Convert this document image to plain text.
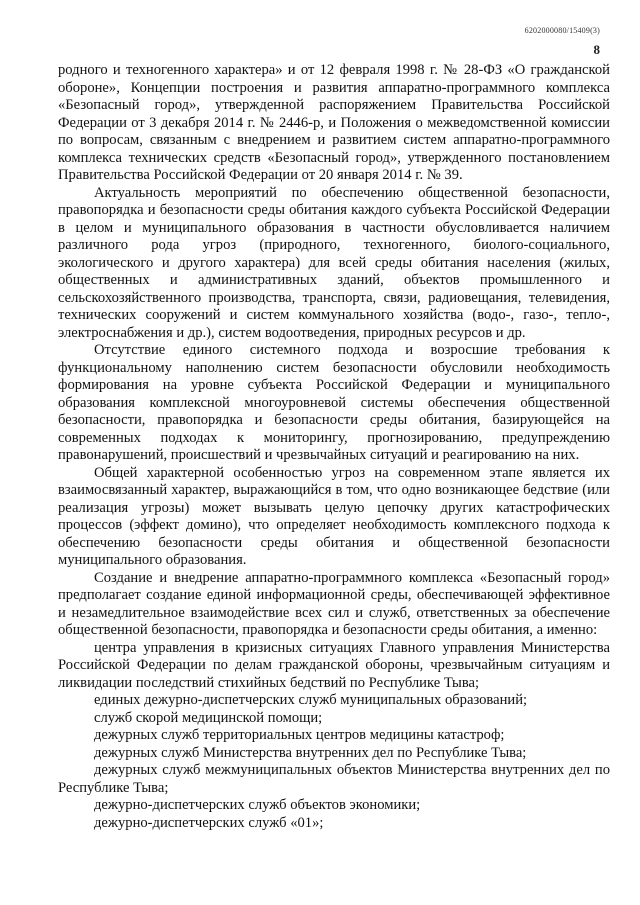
6202000080/15409(3)
8

родного и техногенного характера» и от 12 февраля 1998 г. № 28-ФЗ «О гражданской обороне», Концепции построения и развития аппаратно-программного комплекса «Безопасный город», утвержденной распоряжением Правительства Российской Федерации от 3 декабря 2014 г. № 2446-р, и Положения о межведомственной комиссии по вопросам, связанным с внедрением и развитием систем аппаратно-программного комплекса технических средств «Безопасный город», утвержденного постановлением Правительства Российской Федерации от 20 января 2014 г. № 39.

Актуальность мероприятий по обеспечению общественной безопасности, правопорядка и безопасности среды обитания каждого субъекта Российской Федерации в целом и муниципального образования в частности обусловливается наличием различного рода угроз (природного, техногенного, биолого-социального, экологического и другого характера) для всей среды обитания населения (жилых, общественных и административных зданий, объектов промышленного и сельскохозяйственного производства, транспорта, связи, радиовещания, телевидения, технических сооружений и систем коммунального хозяйства (водо-, газо-, тепло-, электроснабжения и др.), систем водоотведения, природных ресурсов и др.

Отсутствие единого системного подхода и возросшие требования к функциональному наполнению систем безопасности обусловили необходимость формирования на уровне субъекта Российской Федерации и муниципального образования комплексной многоуровневой системы обеспечения общественной безопасности, правопорядка и безопасности среды обитания, базирующейся на современных подходах к мониторингу, прогнозированию, предупреждению правонарушений, происшествий и чрезвычайных ситуаций и реагированию на них.

Общей характерной особенностью угроз на современном этапе является их взаимосвязанный характер, выражающийся в том, что одно возникающее бедствие (или реализация угрозы) может вызывать целую цепочку других катастрофических процессов (эффект домино), что определяет необходимость комплексного подхода к обеспечению безопасности среды обитания и общественной безопасности муниципального образования.

Создание и внедрение аппаратно-программного комплекса «Безопасный город» предполагает создание единой информационной среды, обеспечивающей эффективное и незамедлительное взаимодействие всех сил и служб, ответственных за обеспечение общественной безопасности, правопорядка и безопасности среды обитания, а именно:

центра управления в кризисных ситуациях Главного управления Министерства Российской Федерации по делам гражданской обороны, чрезвычайным ситуациям и ликвидации последствий стихийных бедствий по Республике Тыва;

единых дежурно-диспетчерских служб муниципальных образований;

служб скорой медицинской помощи;

дежурных служб территориальных центров медицины катастроф;

дежурных служб Министерства внутренних дел по Республике Тыва;

дежурных служб межмуниципальных объектов Министерства внутренних дел по Республике Тыва;

дежурно-диспетчерских служб объектов экономики;

дежурно-диспетчерских служб «01»;
